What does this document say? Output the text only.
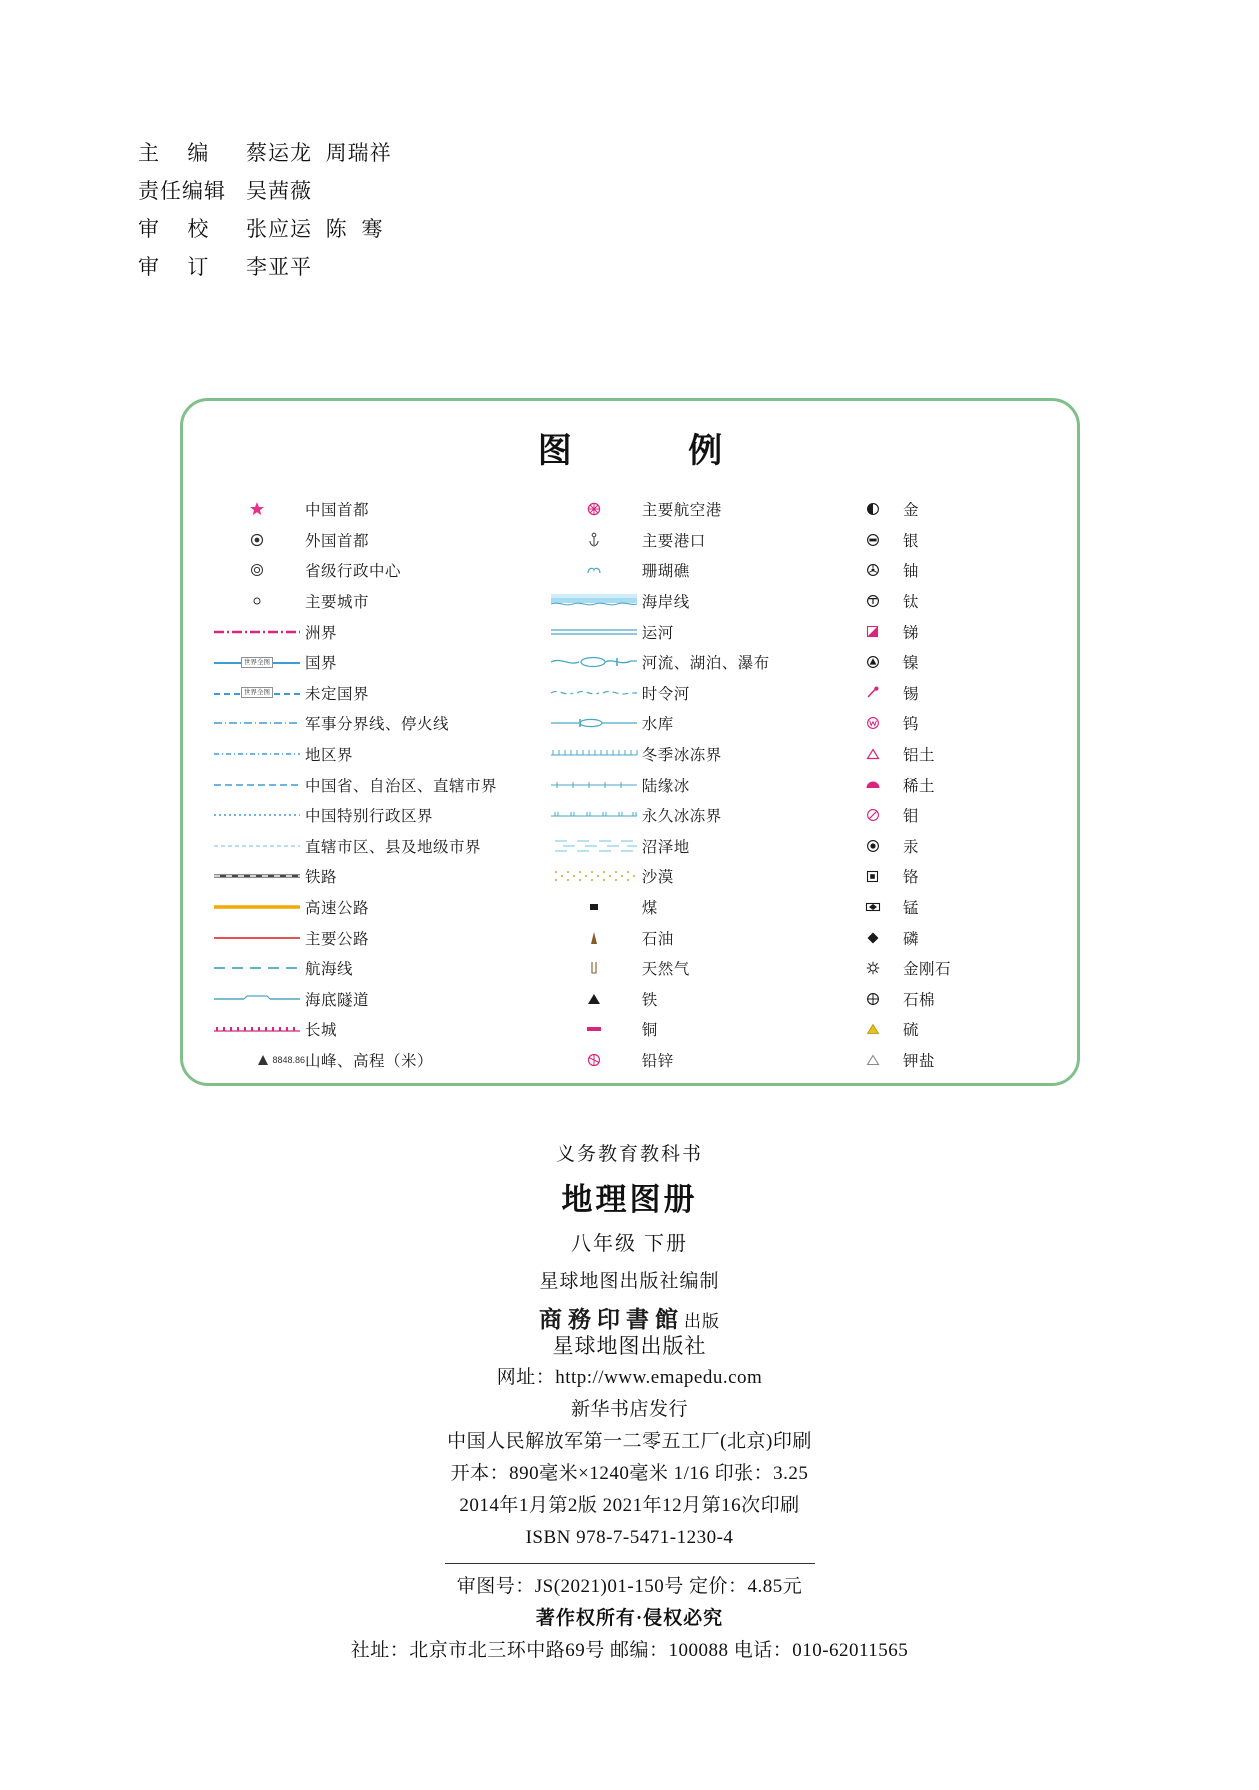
主    编	蔡运龙  周瑞祥
责任编辑 吴茜薇
审    校	张应运  陈  骞
审    订	李亚平
图 例
中国首都
外国首都
省级行政中心
主要城市
洲界
世界全图 国界
世界全图 未定国界
军事分界线、停火线
地区界
中国省、自治区、直辖市界
中国特别行政区界
直辖市区、县及地级市界
铁路
高速公路
主要公路
航海线
海底隧道
长城
8848.86 山峰、高程（米）
主要航空港
主要港口
珊瑚礁
海岸线
运河
河流、湖泊、瀑布
时令河
水库
冬季冰冻界
陆缘冰
永久冰冻界
沼泽地
沙漠
煤
石油
天然气
铁
铜
铅锌
金
银
铀
钛
锑
镍
锡
钨
铝土
稀土
钼
汞
铬
锰
磷
金刚石
石棉
硫
钾盐
义务教育教科书
地理图册
八年级 下册
星球地图出版社编制
商務印書館出版
星球地图出版社
网址：http://www.emapedu.com
新华书店发行
中国人民解放军第一二零五工厂(北京)印刷
开本：890毫米×1240毫米 1/16 印张：3.25
2014年1月第2版 2021年12月第16次印刷
ISBN 978-7-5471-1230-4
审图号：JS(2021)01-150号 定价：4.85元
著作权所有·侵权必究
社址：北京市北三环中路69号 邮编：100088 电话：010-62011565
